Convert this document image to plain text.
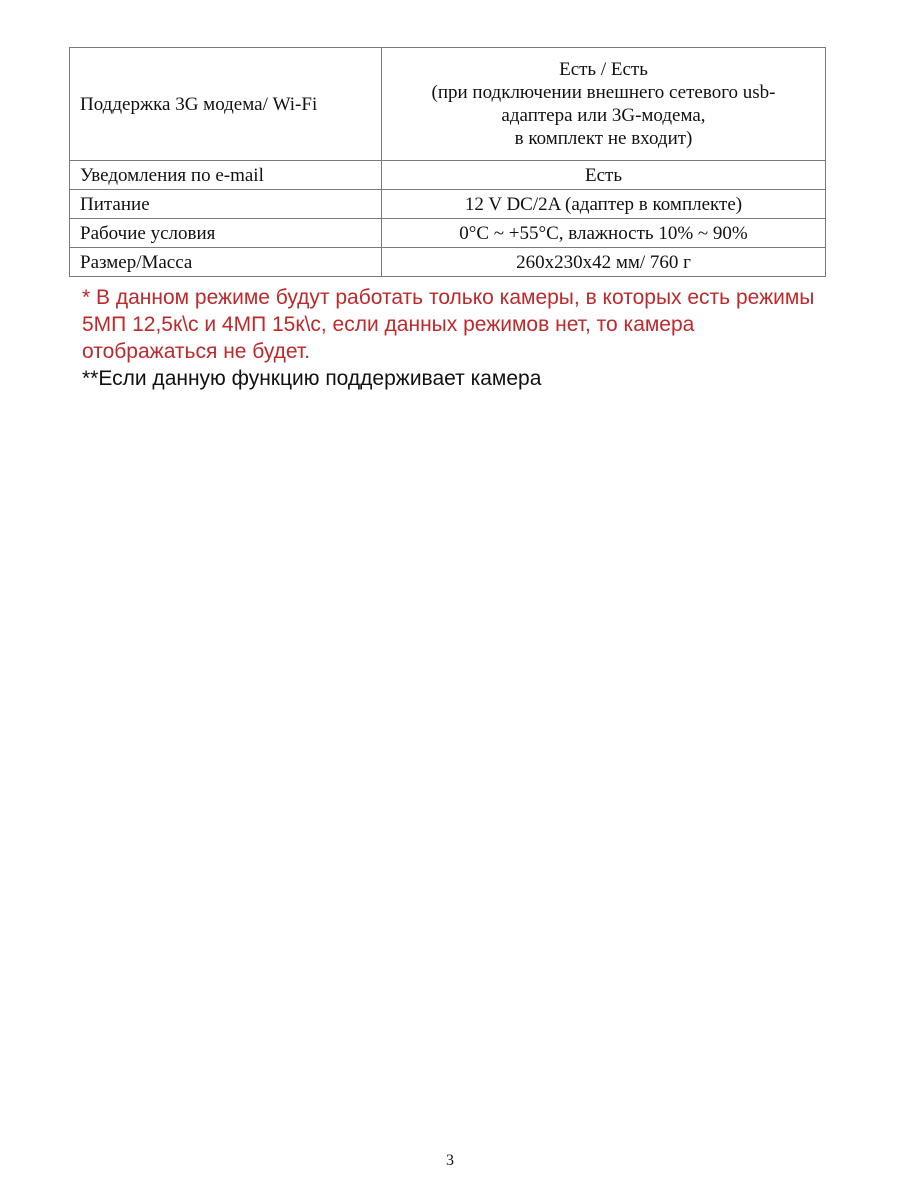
Поддержка 3G модема/ Wi-Fi	Есть / Есть
(при подключении внешнего сетевого usb-
адаптера или 3G-модема,
в комплект не входит)

Уведомления по e-mail	Есть
Питание	12 V DC/2A (адаптер в комплекте)
Рабочие условия	0°C ~ +55°C, влажность 10% ~ 90%
Размер/Масса	260x230x42 мм/ 760 г

* В данном режиме будут работать только камеры, в которых есть режимы 5МП 12,5к\с и 4МП 15к\с, если данных режимов нет, то камера отображаться не будет.

**Если данную функцию поддерживает камера

3
